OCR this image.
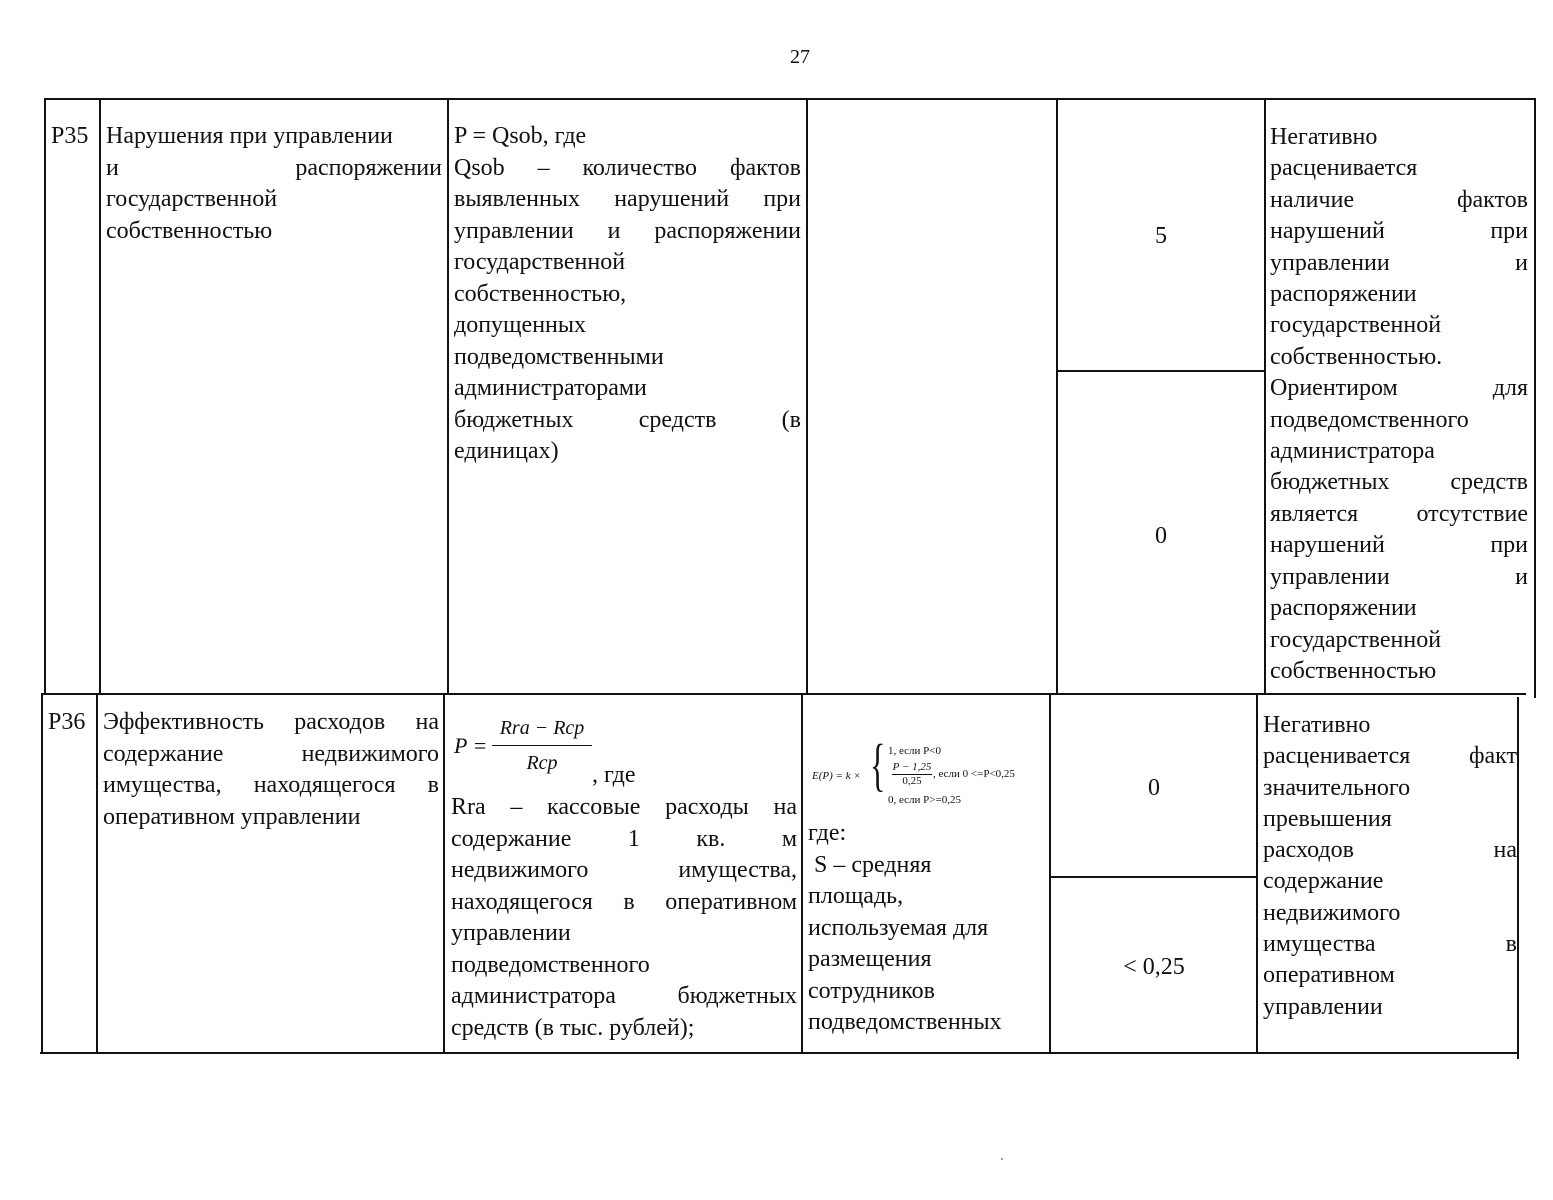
27
P35 Нарушения при управлении

и распоряжении

государственной

собственностью

P = Qsob, где

Qsob – количество фактов

выявленных нарушений при

управлении и распоряжении

государственной

собственностью,

допущенных

подведомственными

администраторами

бюджетных средств (в

единицах)

5
0

Негативно

расценивается

наличие фактов

нарушений при

управлении и

распоряжении

государственной

собственностью.

Ориентиром для

подведомственного

администратора

бюджетных средств

является отсутствие

нарушений при

управлении и

распоряжении

государственной

собственностью

P36 Эффективность расходов на

содержание недвижимого

имущества, находящегося в

оперативном управлении

P =
Rra − Rcp
Rcp	, где

Rra – кассовые расходы на

содержание 1 кв. м

недвижимого имущества,

находящегося в оперативном

управлении

подведомственного

администратора бюджетных

средств (в тыс. рублей);

E(P) = k × { 1, если P<0
P − 1,25
0,25
, если 0 <=P<0,25
0, если P>=0,25

где:

S – средняя

площадь,

используемая для

размещения

сотрудников

подведомственных

0
< 0,25

Негативно

расценивается факт

значительного

превышения

расходов на

содержание

недвижимого

имущества в

оперативном

управлении
